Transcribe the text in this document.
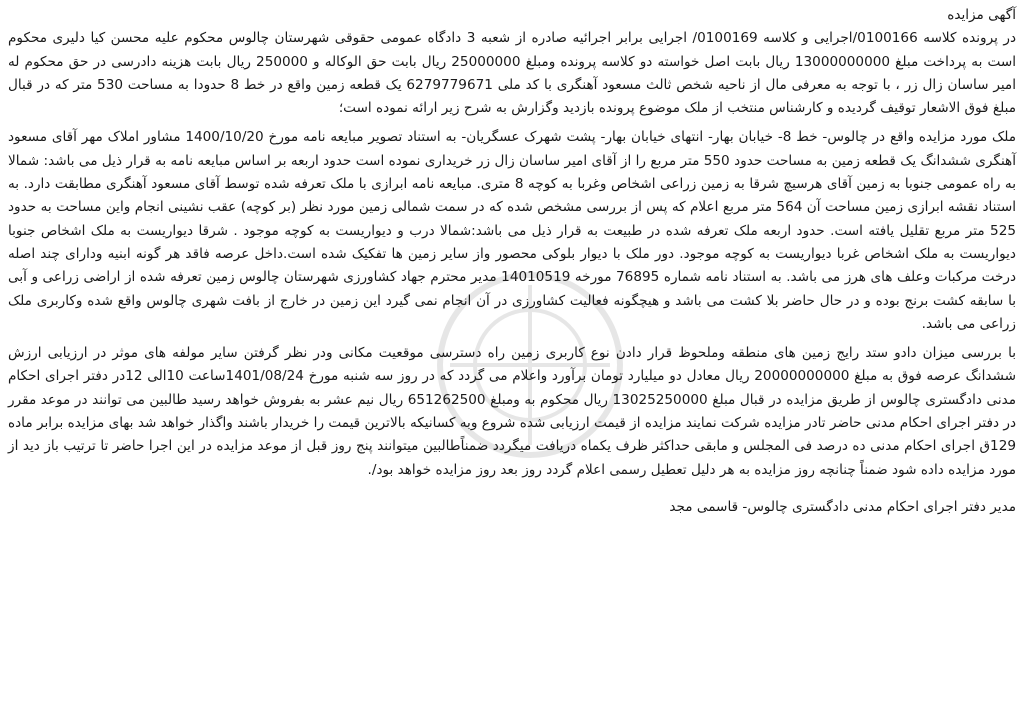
آگهی مزایده

در پرونده کلاسه 0100166/اجرایی و کلاسه 0100169/ اجرایی برابر اجرائیه صادره از شعبه 3 دادگاه عمومی حقوقی شهرستان چالوس محکوم علیه محسن کیا دلیری محکوم است به پرداخت مبلغ 13000000000 ریال بابت اصل خواسته دو کلاسه پرونده ومبلغ 25000000 ریال بابت حق الوکاله و 250000 ریال بابت هزینه دادرسی در حق محکوم له امیر ساسان زال زر ، با توجه به معرفی مال از ناحیه شخص ثالث مسعود آهنگری با کد ملی 6279779671 یک قطعه زمین واقع در خط 8 حدودا به مساحت 530 متر که در قبال مبلغ فوق الاشعار توقیف گردیده و کارشناس منتخب از ملک موضوع پرونده بازدید وگزارش به شرح زیر ارائه نموده است؛

ملک مورد مزایده واقع در چالوس- خط 8- خیابان بهار- انتهای خیابان بهار- پشت شهرک عسگریان- به استناد تصویر مبایعه نامه مورخ 1400/10/20 مشاور املاک مهر آقای مسعود آهنگری ششدانگ یک قطعه زمین به مساحت حدود 550 متر مربع را از آقای امیر ساسان زال زر خریداری نموده است حدود اربعه بر اساس مبایعه نامه به قرار ذیل می باشد: شمالا به راه عمومی جنوبا به زمین آقای هرسیچ شرقا به زمین زراعی اشخاص وغربا به کوچه 8 متری. مبایعه نامه ابرازی با ملک تعرفه شده توسط آقای مسعود آهنگری مطابقت دارد. به استناد نقشه ابرازی زمین مساحت آن 564 متر مربع اعلام که پس از بررسی مشخص شده که در سمت شمالی زمین مورد نظر (بر کوچه) عقب نشینی انجام واین مساحت به حدود 525 متر مربع تقلیل یافته است. حدود اربعه ملک تعرفه شده در طبیعت به قرار ذیل می باشد:شمالا درب و دیواریست به کوچه موجود . شرقا دیواریست به ملک اشخاص جنوبا دیواریست به ملک اشخاص غربا دیواریست به کوچه موجود. دور ملک با دیوار بلوکی محصور واز سایر زمین ها تفکیک شده است.داخل عرصه فاقد هر گونه ابنیه ودارای چند اصله درخت مرکبات وعلف های هرز می باشد. به استناد نامه شماره 76895 مورخه 14010519 مدیر محترم جهاد کشاورزی شهرستان چالوس زمین تعرفه شده از اراضی زراعی و آبی با سابقه کشت برنج بوده و در حال حاضر بلا کشت می باشد و هیچگونه فعالیت کشاورزی در آن انجام نمی گیرد این زمین در خارج از بافت شهری چالوس واقع شده وکاربری ملک زراعی می باشد.

با بررسی میزان دادو ستد رایج زمین های منطقه وملحوظ قرار دادن نوع کاربری زمین راه دسترسی موقعیت مکانی ودر نظر گرفتن سایر مولفه های موثر در ارزیابی ارزش ششدانگ عرصه فوق به مبلغ 20000000000 ریال معادل دو میلیارد تومان برآورد واعلام می گردد که در روز سه شنبه مورخ 1401/08/24ساعت 10الی 12در دفتر اجرای احکام مدنی دادگستری چالوس از طریق مزایده در قبال مبلغ 13025250000 ریال محکوم به ومبلغ 651262500 ریال نیم عشر به بفروش خواهد رسید طالبین می توانند در موعد مقرر در دفتر اجرای احکام مدنی حاضر تادر مزایده شرکت نمایند مزایده از قیمت ارزیابی شده شروع وبه کسانیکه بالاترین قیمت را خریدار باشند واگذار خواهد شد بهای مزایده برابر ماده 129ق اجرای احکام مدنی ده درصد فی المجلس و مابقی حداکثر ظرف یکماه دریافت میگردد ضمناًطالبین میتوانند پنج روز قبل از موعد مزایده در این اجرا حاضر تا ترتیب باز دید از مورد مزایده داده شود ضمناً چنانچه روز مزایده به هر دلیل تعطیل رسمی اعلام گردد روز بعد روز مزایده خواهد بود/.

مدیر دفتر اجرای احکام مدنی دادگستری چالوس- قاسمی مجد
